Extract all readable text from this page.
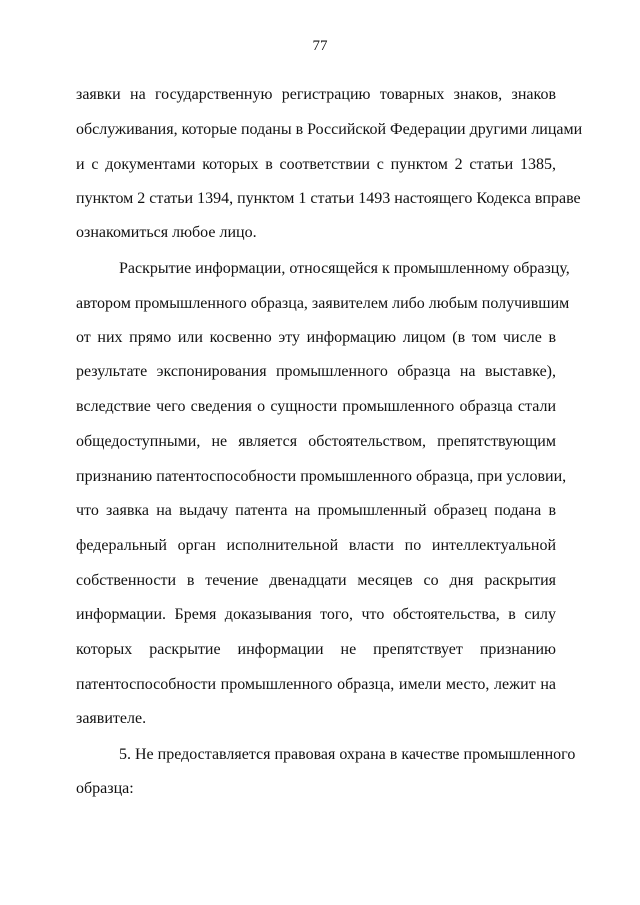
77
заявки на государственную регистрацию товарных знаков, знаков
обслуживания, которые поданы в Российской Федерации другими лицами
и с документами которых в соответствии с пунктом 2 статьи 1385,
пунктом 2 статьи 1394, пунктом 1 статьи 1493 настоящего Кодекса вправе
ознакомиться любое лицо.
Раскрытие информации, относящейся к промышленному образцу,
автором промышленного образца, заявителем либо любым получившим
от них прямо или косвенно эту информацию лицом (в том числе в
результате экспонирования промышленного образца на выставке),
вследствие чего сведения о сущности промышленного образца стали
общедоступными, не является обстоятельством, препятствующим
признанию патентоспособности промышленного образца, при условии,
что заявка на выдачу патента на промышленный образец подана в
федеральный орган исполнительной власти по интеллектуальной
собственности в течение двенадцати месяцев со дня раскрытия
информации. Бремя доказывания того, что обстоятельства, в силу
которых раскрытие информации не препятствует признанию
патентоспособности промышленного образца, имели место, лежит на
заявителе.
5. Не предоставляется правовая охрана в качестве промышленного
образца:
